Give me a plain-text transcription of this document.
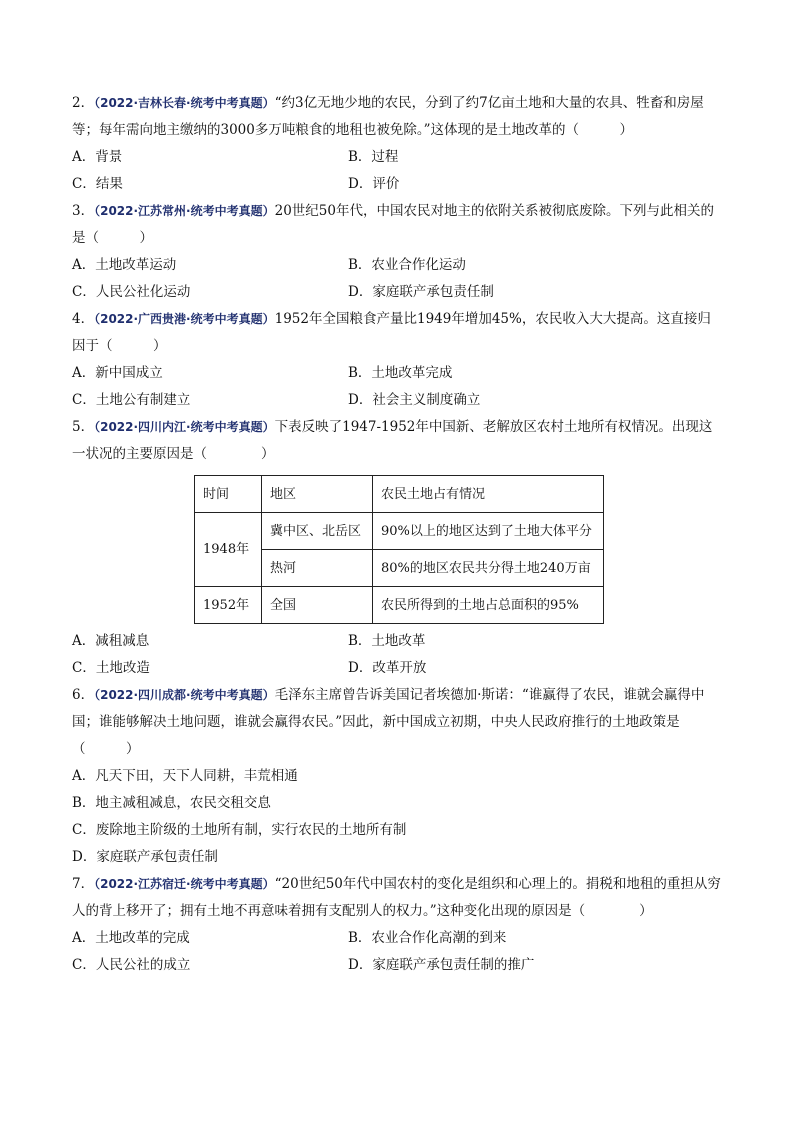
2．（2022·吉林长春·统考中考真题）“约3亿无地少地的农民，分到了约7亿亩土地和大量的农具、牲畜和房屋等；每年需向地主缴纳的3000多万吨粮食的地租也被免除。”这体现的是土地改革的（　　　）
A．背景	B．过程
C．结果	D．评价
3．（2022·江苏常州·统考中考真题）20世纪50年代，中国农民对地主的依附关系被彻底废除。下列与此相关的是（　　　）
A．土地改革运动	B．农业合作化运动
C．人民公社化运动	D．家庭联产承包责任制
4．（2022·广西贵港·统考中考真题）1952年全国粮食产量比1949年增加45%，农民收入大大提高。这直接归因于（　　　）
A．新中国成立	B．土地改革完成
C．土地公有制建立	D．社会主义制度确立
5．（2022·四川内江·统考中考真题）下表反映了1947-1952年中国新、老解放区农村土地所有权情况。出现这一状况的主要原因是（　　　　）
时间	地区	农民土地占有情况
1948年	冀中区、北岳区	90%以上的地区达到了土地大体平分
	热河	80%的地区农民共分得土地240万亩
1952年	全国	农民所得到的土地占总面积的95%
A．减租减息	B．土地改革
C．土地改造	D．改革开放
6．（2022·四川成都·统考中考真题）毛泽东主席曾告诉美国记者埃德加·斯诺：“谁赢得了农民，谁就会赢得中国；谁能够解决土地问题，谁就会赢得农民。”因此，新中国成立初期，中央人民政府推行的土地政策是（　　　）
A．凡天下田，天下人同耕，丰荒相通
B．地主减租减息，农民交租交息
C．废除地主阶级的土地所有制，实行农民的土地所有制
D．家庭联产承包责任制
7．（2022·江苏宿迁·统考中考真题）“20世纪50年代中国农村的变化是组织和心理上的。捐税和地租的重担从穷人的背上移开了；拥有土地不再意味着拥有支配别人的权力。”这种变化出现的原因是（　　　　）
A．土地改革的完成	B．农业合作化高潮的到来
C．人民公社的成立	D．家庭联产承包责任制的推广
